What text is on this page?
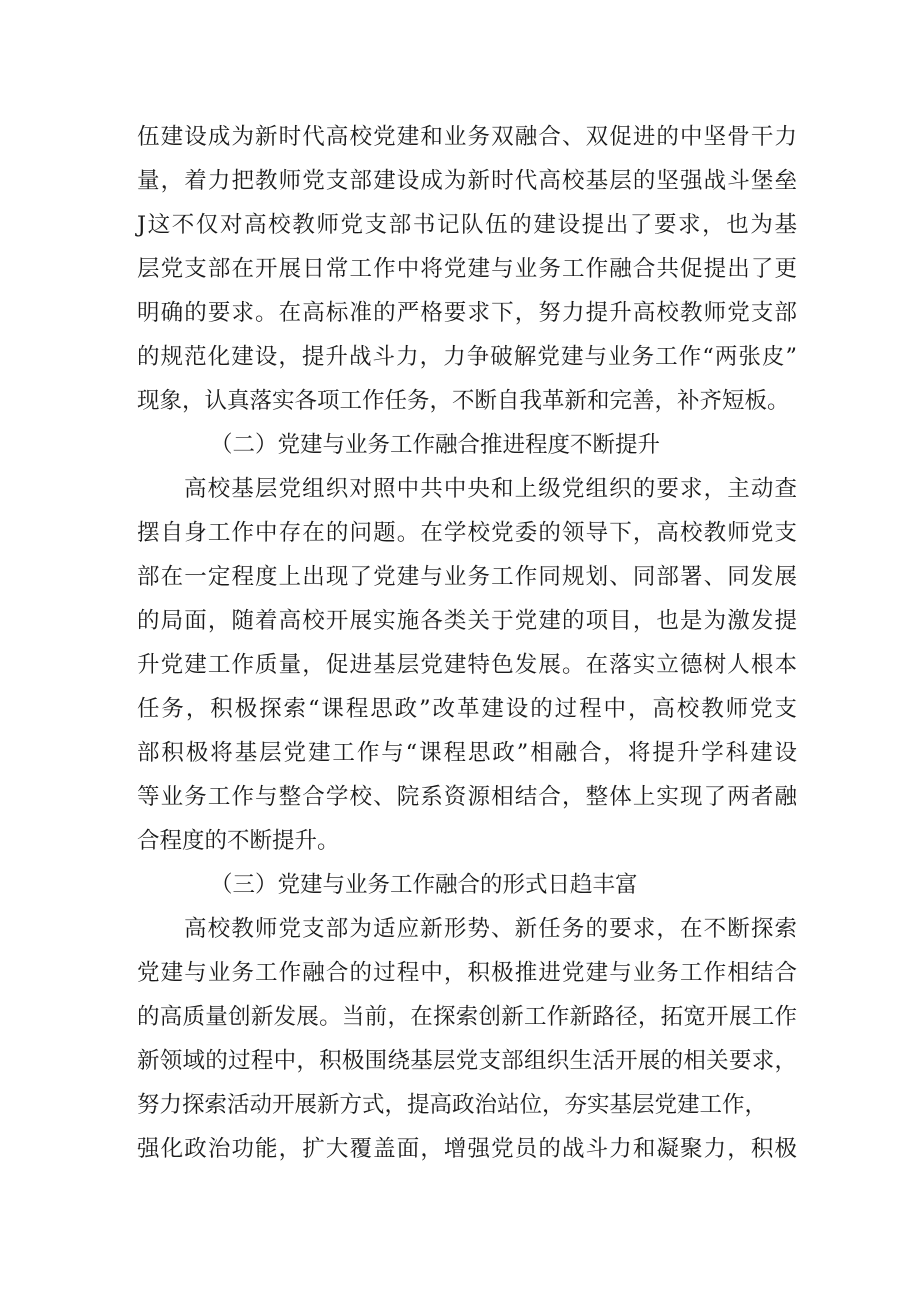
伍建设成为新时代高校党建和业务双融合、双促进的中坚骨干力
量，着力把教师党支部建设成为新时代高校基层的坚强战斗堡垒
J这不仅对高校教师党支部书记队伍的建设提出了要求，也为基
层党支部在开展日常工作中将党建与业务工作融合共促提出了更
明确的要求。在高标准的严格要求下，努力提升高校教师党支部
的规范化建设，提升战斗力，力争破解党建与业务工作“两张皮”
现象，认真落实各项工作任务，不断自我革新和完善，补齐短板。
（二）党建与业务工作融合推进程度不断提升
高校基层党组织对照中共中央和上级党组织的要求，主动查
摆自身工作中存在的问题。在学校党委的领导下，高校教师党支
部在一定程度上出现了党建与业务工作同规划、同部署、同发展
的局面，随着高校开展实施各类关于党建的项目，也是为激发提
升党建工作质量，促进基层党建特色发展。在落实立德树人根本
任务，积极探索“课程思政”改革建设的过程中，高校教师党支
部积极将基层党建工作与“课程思政”相融合，将提升学科建设
等业务工作与整合学校、院系资源相结合，整体上实现了两者融
合程度的不断提升。
（三）党建与业务工作融合的形式日趋丰富
高校教师党支部为适应新形势、新任务的要求，在不断探索
党建与业务工作融合的过程中，积极推进党建与业务工作相结合
的高质量创新发展。当前，在探索创新工作新路径，拓宽开展工作
新领域的过程中，积极围绕基层党支部组织生活开展的相关要求，
努力探索活动开展新方式，提高政治站位，夯实基层党建工作，
强化政治功能，扩大覆盖面，增强党员的战斗力和凝聚力，积极
